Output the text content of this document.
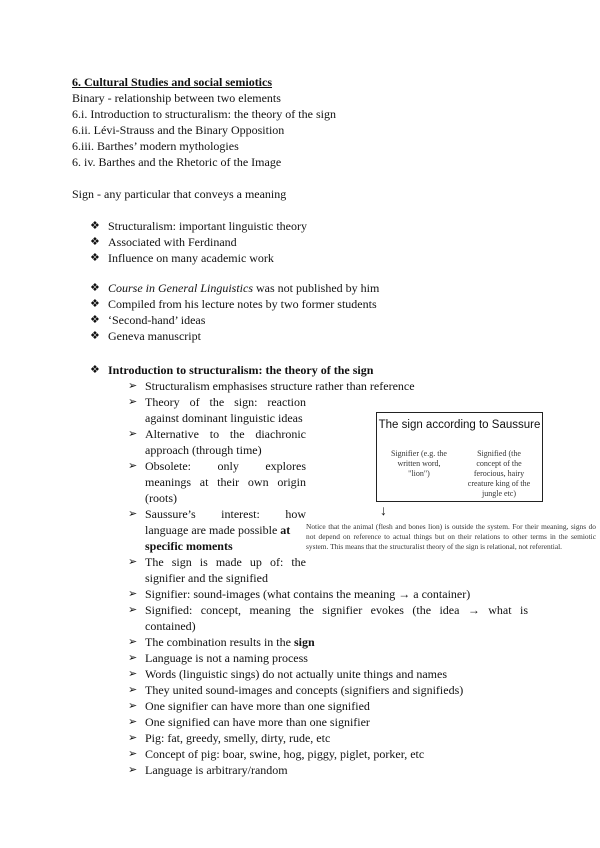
6. Cultural Studies and social semiotics
Binary - relationship between two elements
6.i. Introduction to structuralism: the theory of the sign
6.ii. Lévi-Strauss and the Binary Opposition
6.iii. Barthes’ modern mythologies
6. iv. Barthes and the Rhetoric of the Image
Sign - any particular that conveys a meaning
❖ Structuralism: important linguistic theory
❖ Associated with Ferdinand
❖ Influence on many academic work
❖ Course in General Linguistics was not published by him
❖ Compiled from his lecture notes by two former students
❖ ‘Second-hand’ ideas
❖ Geneva manuscript
❖ Introduction to structuralism: the theory of the sign
➢ Structuralism emphasises structure rather than reference
➢ Theory of the sign: reaction
against dominant linguistic ideas
➢ Alternative to the diachronic
approach (through time)
➢ Obsolete: only explores
meanings at their own origin
(roots)
➢ Saussure’s interest: how
language are made possible at
specific moments
➢ The sign is made up of: the
signifier and the signified
➢ Signifier: sound-images (what contains the meaning → a container)
➢ Signified: concept, meaning the signifier evokes (the idea → what is
contained)
➢ The combination results in the sign
➢ Language is not a naming process
➢ Words (linguistic sings) do not actually unite things and names
➢ They united sound-images and concepts (signifiers and signifieds)
➢ One signifier can have more than one signified
➢ One signified can have more than one signifier
➢ Pig: fat, greedy, smelly, dirty, rude, etc
➢ Concept of pig: boar, swine, hog, piggy, piglet, porker, etc
➢ Language is arbitrary/random
The sign according to Saussure
Signifier (e.g. the written word, "lion")
Signified (the concept of the ferocious, hairy creature king of the jungle etc)
↓
Notice that the animal (flesh and bones lion) is outside the system. For their meaning, signs do not depend on reference to actual things but on their relations to other terms in the semiotic system. This means that the structuralist theory of the sign is relational, not referential.
